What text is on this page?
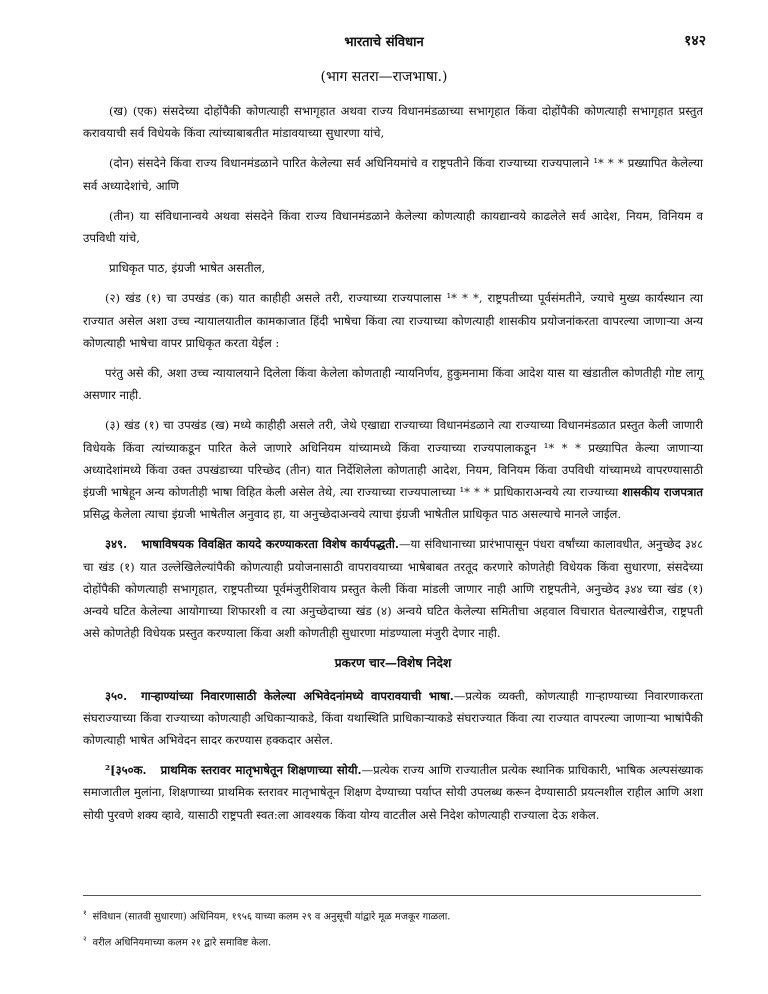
भारताचे संविधान	१४२
(भाग सतरा—राजभाषा.)

(ख) (एक) संसदेच्या दोहोंपैकी कोणत्याही सभागृहात अथवा राज्य विधानमंडळाच्या सभागृहात किंवा दोहोंपैकी कोणत्याही सभागृहात प्रस्तुत करावयाची सर्व विधेयके किंवा त्यांच्याबाबतीत मांडावयाच्या सुधारणा यांचे,

(दोन) संसदेने किंवा राज्य विधानमंडळाने पारित केलेल्या सर्व अधिनियमांचे व राष्ट्रपतीने किंवा राज्याच्या राज्यपालाने ¹* * * प्रख्यापित केलेल्या सर्व अध्यादेशांचे, आणि

(तीन) या संविधानान्वये अथवा संसदेने किंवा राज्य विधानमंडळाने केलेल्या कोणत्याही कायद्यान्वये काढलेले सर्व आदेश, नियम, विनियम व उपविधी यांचे,

प्राधिकृत पाठ, इंग्रजी भाषेत असतील,

(२) खंड (१) चा उपखंड (क) यात काहीही असले तरी, राज्याच्या राज्यपालास ¹* * *, राष्ट्रपतीच्या पूर्वसंमतीने, ज्याचे मुख्य कार्यस्थान त्या राज्यात असेल अशा उच्च न्यायालयातील कामकाजात हिंदी भाषेचा किंवा त्या राज्याच्या कोणत्याही शासकीय प्रयोजनांकरता वापरल्या जाणाऱ्या अन्य कोणत्याही भाषेचा वापर प्राधिकृत करता येईल :

परंतु असे की, अशा उच्च न्यायालयाने दिलेला किंवा केलेला कोणताही न्यायनिर्णय, हुकुमनामा किंवा आदेश यास या खंडातील कोणतीही गोष्ट लागू असणार नाही.

(३) खंड (१) चा उपखंड (ख) मध्ये काहीही असले तरी, जेथे एखाद्या राज्याच्या विधानमंडळाने त्या राज्याच्या विधानमंडळात प्रस्तुत केली जाणारी विधेयके किंवा त्यांच्याकडून पारित केले जाणारे अधिनियम यांच्यामध्ये किंवा राज्याच्या राज्यपालाकडून ¹* * * प्रख्यापित केल्या जाणाऱ्या अध्यादेशांमध्ये किंवा उक्त उपखंडाच्या परिच्छेद (तीन) यात निर्देशिलेला कोणताही आदेश, नियम, विनियम किंवा उपविधी यांच्यामध्ये वापरण्यासाठी इंग्रजी भाषेहून अन्य कोणतीही भाषा विहित केली असेल तेथे, त्या राज्याच्या राज्यपालाच्या ¹* * * प्राधिकाराअन्वये त्या राज्याच्या शासकीय राजपत्रात प्रसिद्ध केलेला त्याचा इंग्रजी भाषेतील अनुवाद हा, या अनुच्छेदाअन्वये त्याचा इंग्रजी भाषेतील प्राधिकृत पाठ असल्याचे मानले जाईल.

३४९. भाषाविषयक विवक्षित कायदे करण्याकरता विशेष कार्यपद्धती.—या संविधानाच्या प्रारंभापासून पंधरा वर्षांच्या कालावधीत, अनुच्छेद ३४८ चा खंड (१) यात उल्लेखिलेल्यांपैकी कोणत्याही प्रयोजनासाठी वापरावयाच्या भाषेबाबत तरतूद करणारे कोणतेही विधेयक किंवा सुधारणा, संसदेच्या दोहोंपैकी कोणत्याही सभागृहात, राष्ट्रपतीच्या पूर्वमंजुरीशिवाय प्रस्तुत केली किंवा मांडली जाणार नाही आणि राष्ट्रपतीने, अनुच्छेद ३४४ च्या खंड (१) अन्वये घटित केलेल्या आयोगाच्या शिफारशी व त्या अनुच्छेदाच्या खंड (४) अन्वये घटित केलेल्या समितीचा अहवाल विचारात घेतल्याखेरीज, राष्ट्रपती असे कोणतेही विधेयक प्रस्तुत करण्याला किंवा अशी कोणतीही सुधारणा मांडण्याला मंजुरी देणार नाही.

प्रकरण चार—विशेष निदेश

३५०. गाऱ्हाण्यांच्या निवारणासाठी केलेल्या अभिवेदनांमध्ये वापरावयाची भाषा.—प्रत्येक व्यक्ती, कोणत्याही गाऱ्हाण्याच्या निवारणाकरता संघराज्याच्या किंवा राज्याच्या कोणत्याही अधिकाऱ्याकडे, किंवा यथास्थिति प्राधिकाऱ्याकडे संघराज्यात किंवा त्या राज्यात वापरल्या जाणाऱ्या भाषांपैकी कोणत्याही भाषेत अभिवेदन सादर करण्यास हक्कदार असेल.

²[३५०क. प्राथमिक स्तरावर मातृभाषेतून शिक्षणाच्या सोयी.—प्रत्येक राज्य आणि राज्यातील प्रत्येक स्थानिक प्राधिकारी, भाषिक अल्पसंख्याक समाजातील मुलांना, शिक्षणाच्या प्राथमिक स्तरावर मातृभाषेतून शिक्षण देण्याच्या पर्याप्त सोयी उपलब्ध करून देण्यासाठी प्रयत्नशील राहील आणि अशा सोयी पुरवणे शक्य व्हावे, यासाठी राष्ट्रपती स्वत:ला आवश्यक किंवा योग्य वाटतील असे निदेश कोणत्याही राज्याला देऊ शकेल.

$^१$ संविधान (सातवी सुधारणा) अधिनियम, १९५६ याच्या कलम २९ व अनुसूची यांद्वारे मूळ मजकूर गाळला.

$^२$ वरील अधिनियमाच्या कलम २१ द्वारे समाविष्ट केला.
